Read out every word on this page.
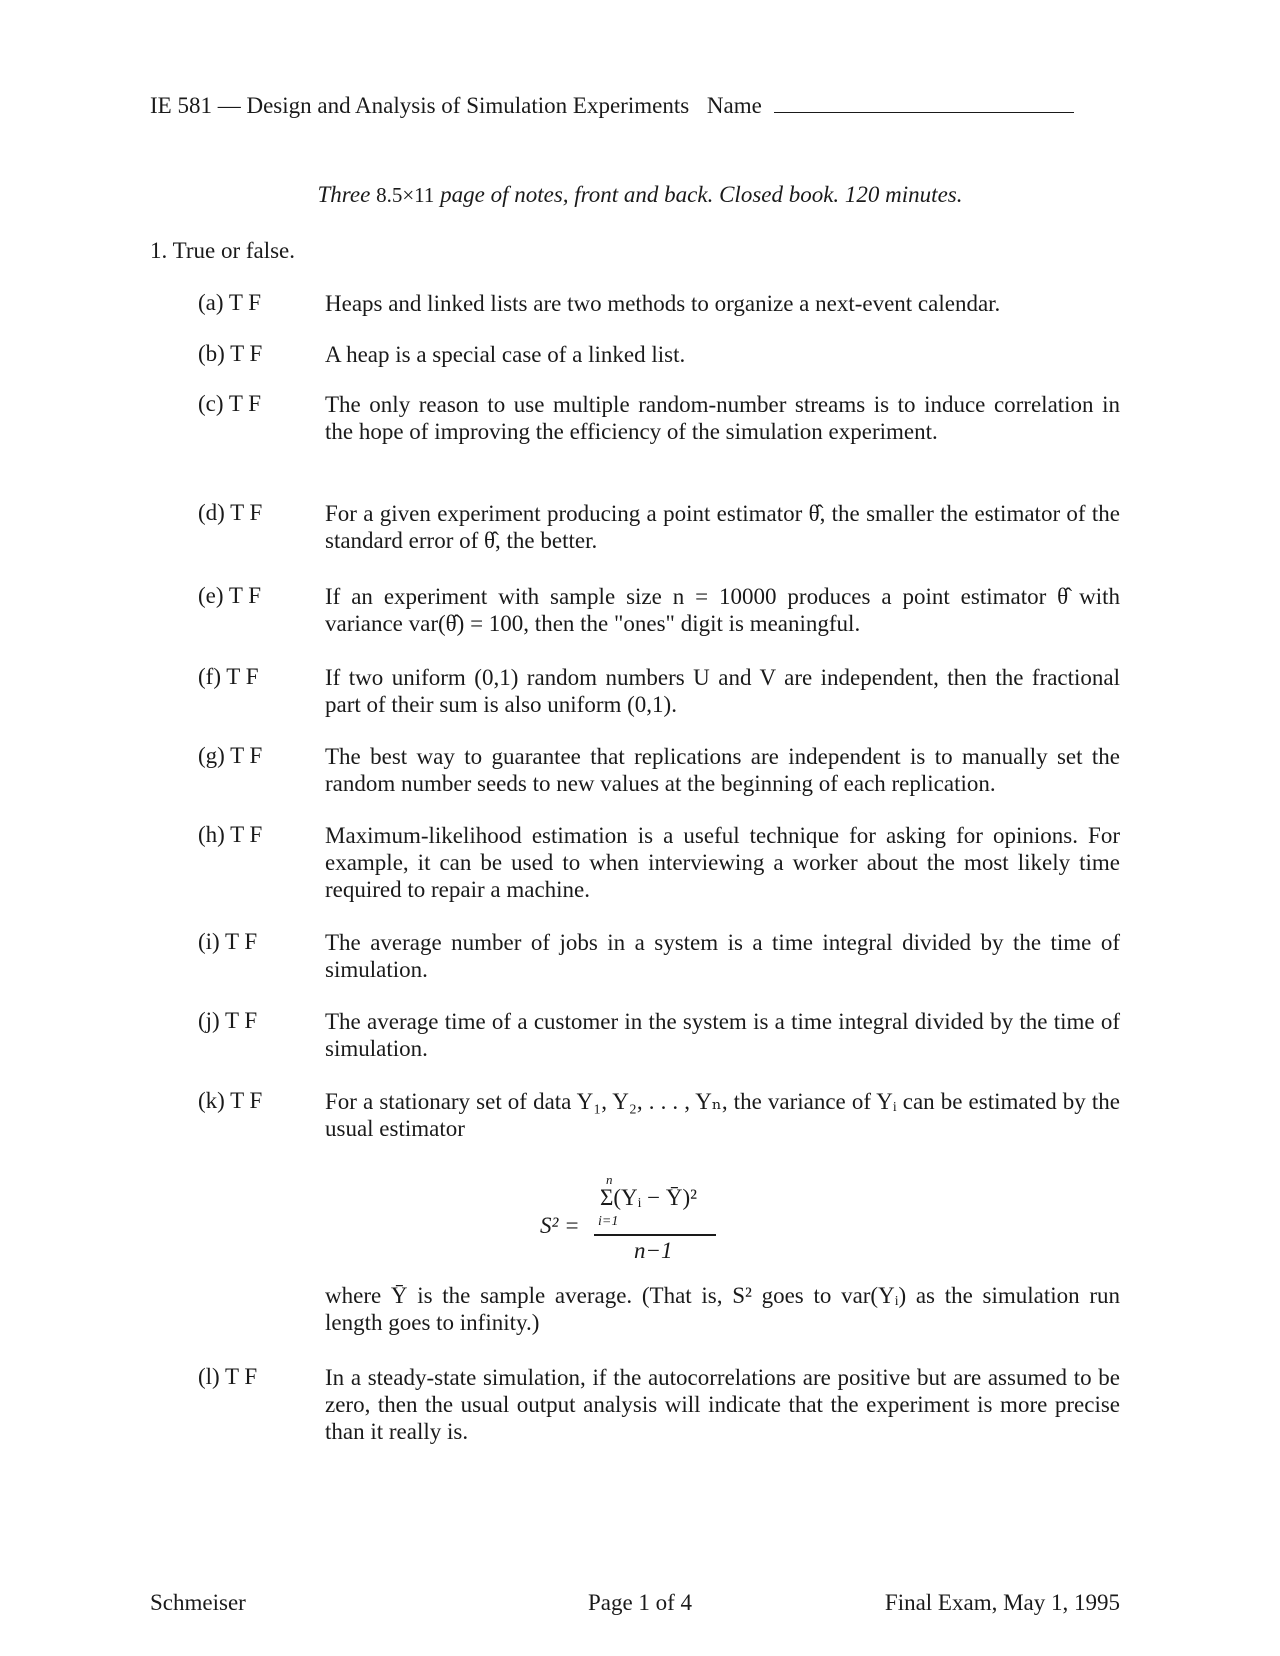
IE 581 — Design and Analysis of Simulation Experiments Name
Three 8.5×11 page of notes, front and back. Closed book. 120 minutes.
1. True or false.
(a) T F	Heaps and linked lists are two methods to organize a next-event calendar.
(b) T F	A heap is a special case of a linked list.
(c) T F	The only reason to use multiple random-number streams is to induce correlation in the hope of improving the efficiency of the simulation experiment.
(d) T F	For a given experiment producing a point estimator θ̂, the smaller the estimator of the standard error of θ̂, the better.
(e) T F	If an experiment with sample size n = 10000 produces a point estimator θ̂ with variance var(θ̂) = 100, then the "ones" digit is meaningful.
(f) T F	If two uniform (0,1) random numbers U and V are independent, then the fractional part of their sum is also uniform (0,1).
(g) T F	The best way to guarantee that replications are independent is to manually set the random number seeds to new values at the beginning of each replication.
(h) T F	Maximum-likelihood estimation is a useful technique for asking for opinions. For example, it can be used to when interviewing a worker about the most likely time required to repair a machine.
(i) T F	The average number of jobs in a system is a time integral divided by the time of simulation.
(j) T F	The average time of a customer in the system is a time integral divided by the time of simulation.
(k) T F	For a stationary set of data Y₁, Y₂, . . . , Yₙ, the variance of Yᵢ can be estimated by the usual estimator
n
Σ(Yᵢ − Ȳ)²
S² = i=1
n−1
where Ȳ is the sample average. (That is, S² goes to var(Yᵢ) as the simulation run length goes to infinity.)
(l) T F	In a steady-state simulation, if the autocorrelations are positive but are assumed to be zero, then the usual output analysis will indicate that the experiment is more precise than it really is.
Schmeiser	Page 1 of 4	Final Exam, May 1, 1995
